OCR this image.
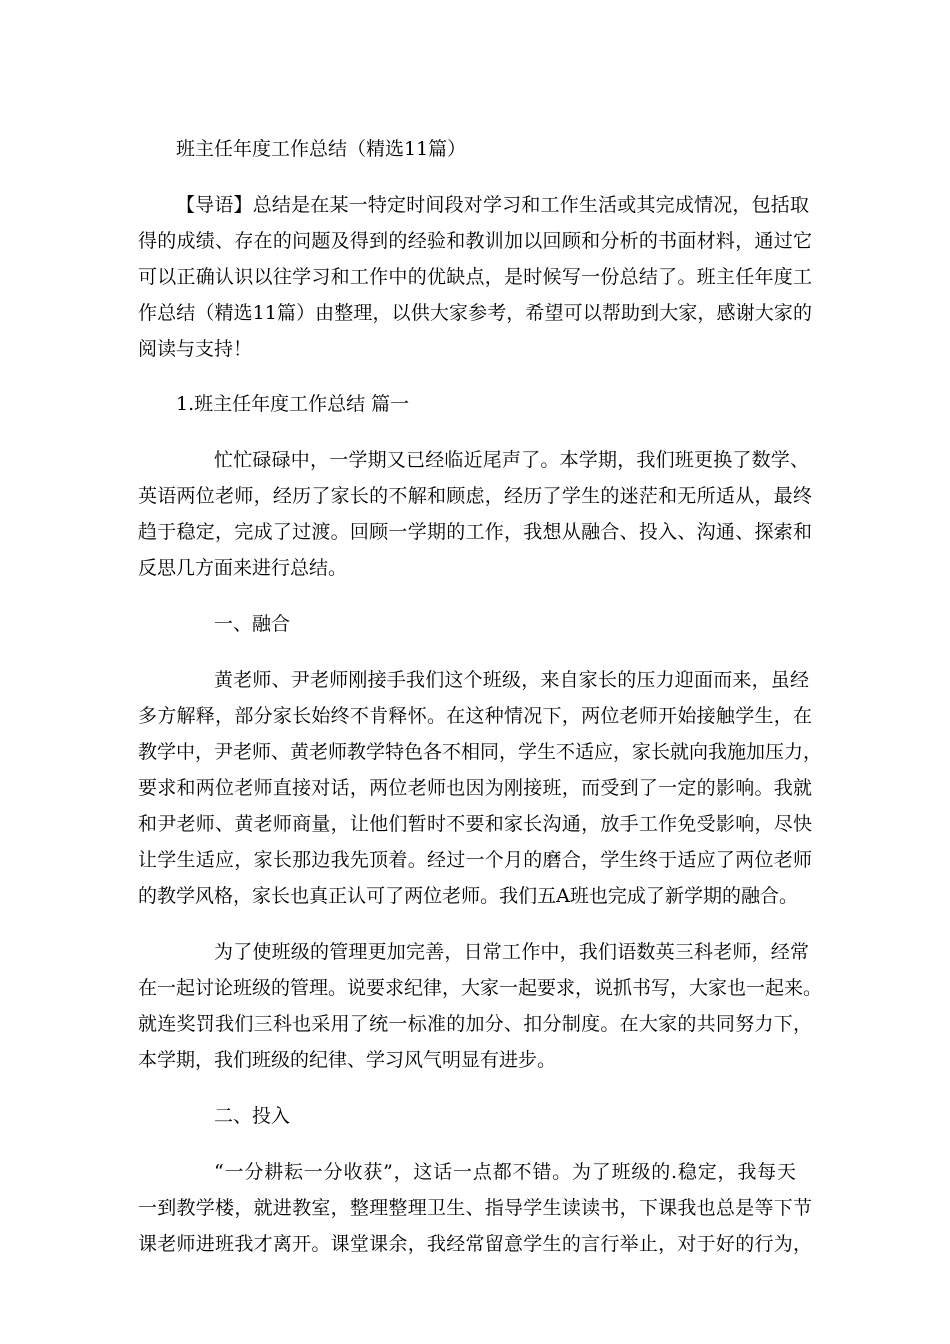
班主任年度工作总结（精选11篇）

【导语】总结是在某一特定时间段对学习和工作生活或其完成情况，包括取

得的成绩、存在的问题及得到的经验和教训加以回顾和分析的书面材料，通过它

可以正确认识以往学习和工作中的优缺点，是时候写一份总结了。班主任年度工

作总结（精选11篇）由整理，以供大家参考，希望可以帮助到大家，感谢大家的

阅读与支持！

1.班主任年度工作总结 篇一

忙忙碌碌中，一学期又已经临近尾声了。本学期，我们班更换了数学、

英语两位老师，经历了家长的不解和顾虑，经历了学生的迷茫和无所适从，最终

趋于稳定，完成了过渡。回顾一学期的工作，我想从融合、投入、沟通、探索和

反思几方面来进行总结。

一、融合

黄老师、尹老师刚接手我们这个班级，来自家长的压力迎面而来，虽经

多方解释，部分家长始终不肯释怀。在这种情况下，两位老师开始接触学生，在

教学中，尹老师、黄老师教学特色各不相同，学生不适应，家长就向我施加压力，

要求和两位老师直接对话，两位老师也因为刚接班，而受到了一定的影响。我就

和尹老师、黄老师商量，让他们暂时不要和家长沟通，放手工作免受影响，尽快

让学生适应，家长那边我先顶着。经过一个月的磨合，学生终于适应了两位老师

的教学风格，家长也真正认可了两位老师。我们五A班也完成了新学期的融合。

为了使班级的管理更加完善，日常工作中，我们语数英三科老师，经常

在一起讨论班级的管理。说要求纪律，大家一起要求，说抓书写，大家也一起来。

就连奖罚我们三科也采用了统一标准的加分、扣分制度。在大家的共同努力下，

本学期，我们班级的纪律、学习风气明显有进步。

二、投入

“一分耕耘一分收获”，这话一点都不错。为了班级的.稳定，我每天

一到教学楼，就进教室，整理整理卫生、指导学生读读书，下课我也总是等下节

课老师进班我才离开。课堂课余，我经常留意学生的言行举止，对于好的行为，
